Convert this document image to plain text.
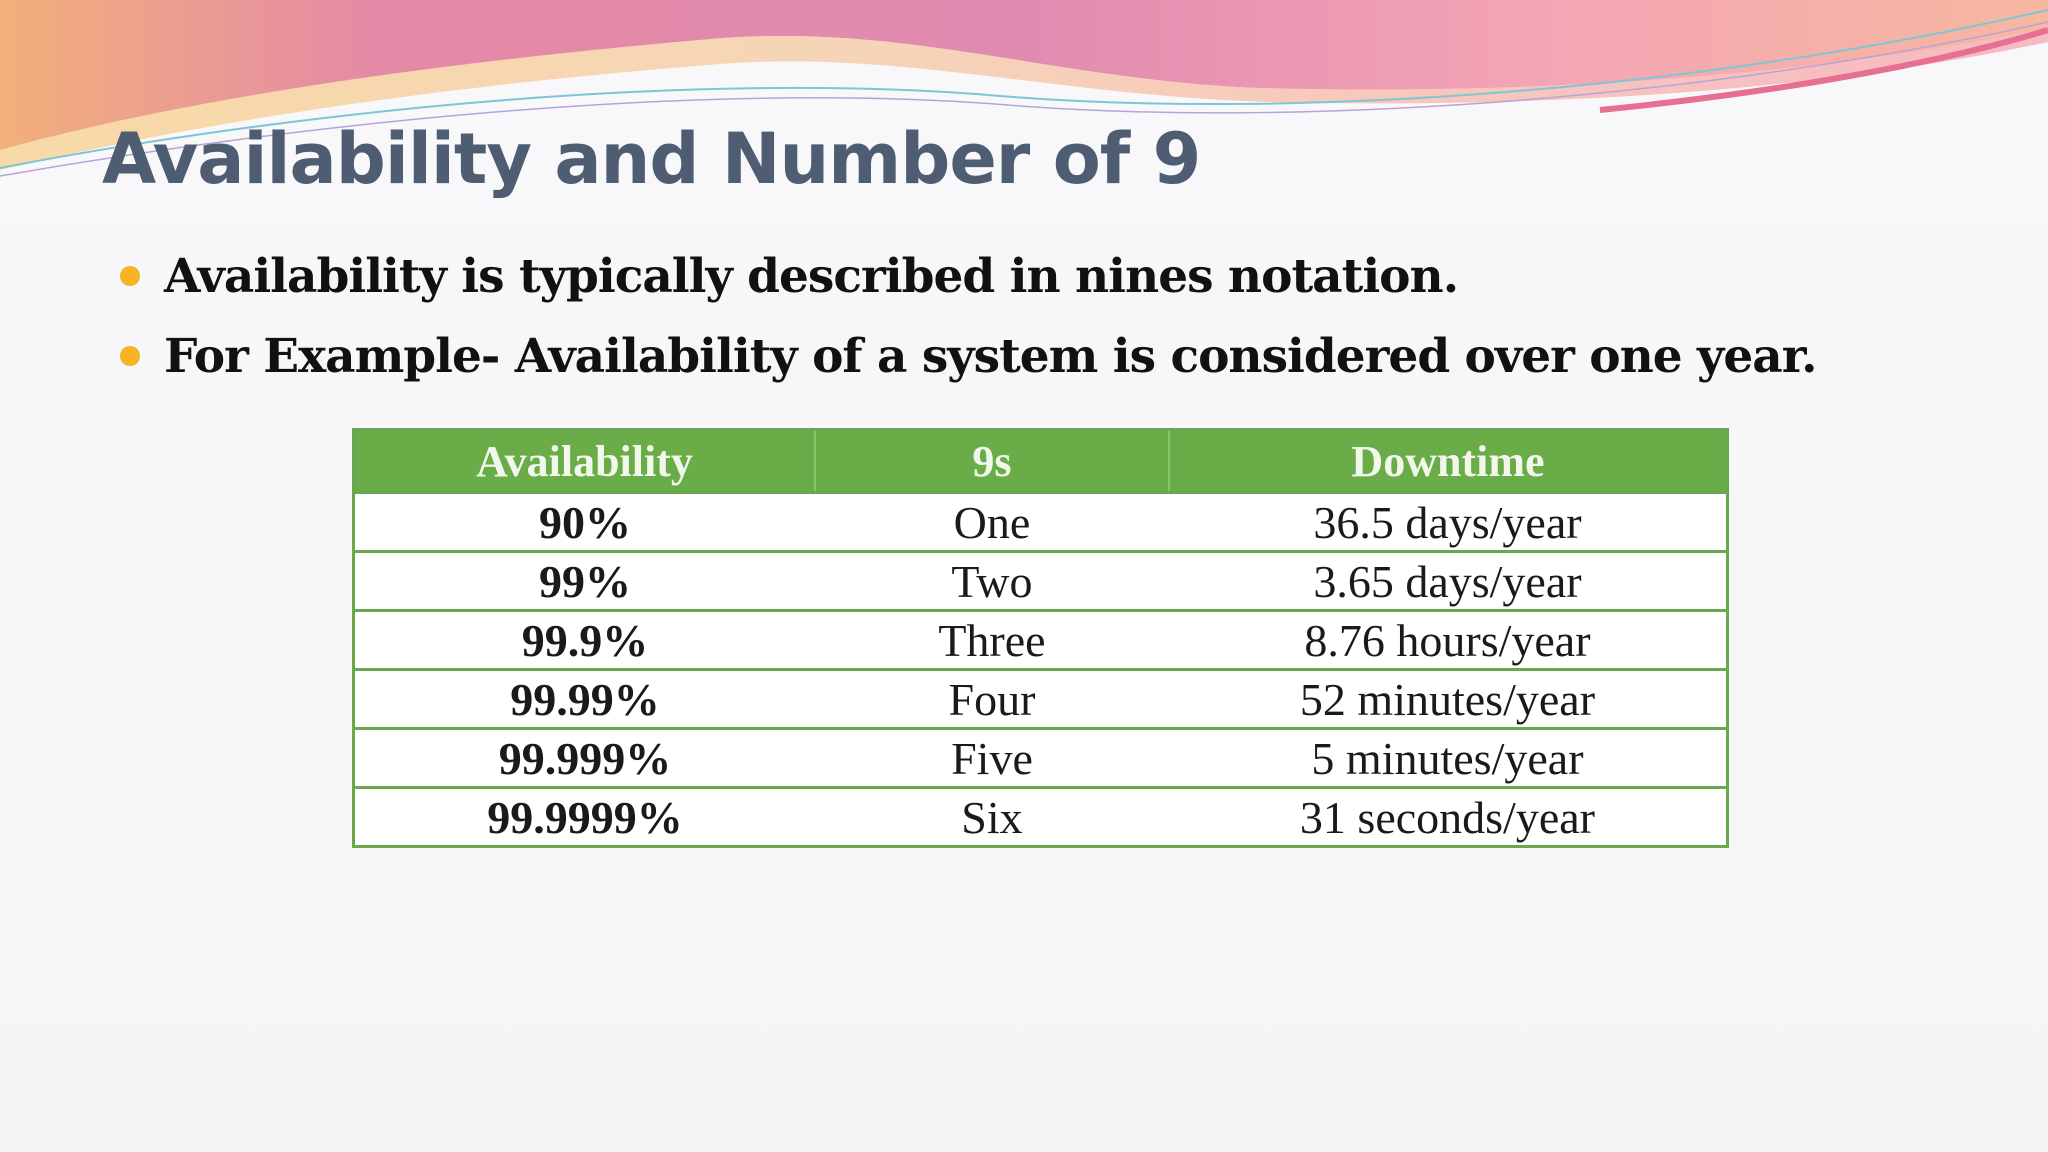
Availability and Number of 9
Availability is typically described in nines notation.
For Example- Availability of a system is considered over one year.
Availability	9s	Downtime
90%	One	36.5 days/year
99%	Two	3.65 days/year
99.9%	Three	8.76 hours/year
99.99%	Four	52 minutes/year
99.999%	Five	5 minutes/year
99.9999%	Six	31 seconds/year
